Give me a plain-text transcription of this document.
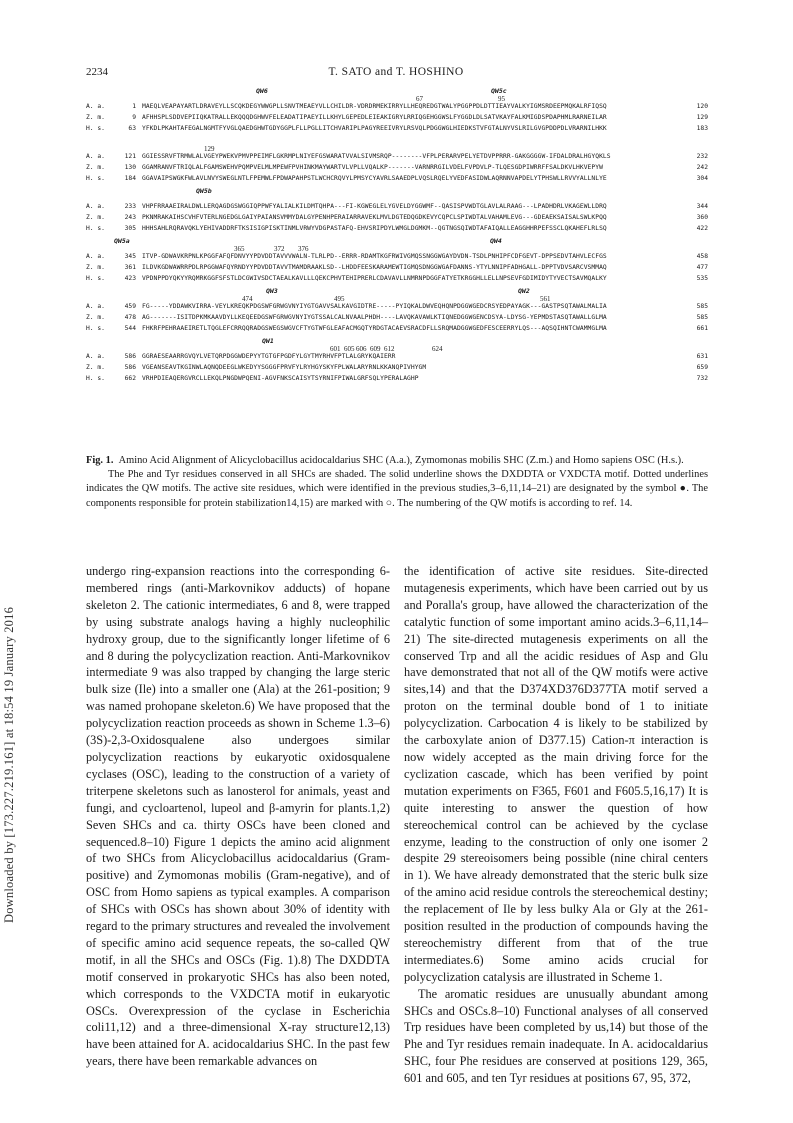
Downloaded by [173.227.219.161] at 18:54 19 January 2016
2234	T. SATO and T. HOSHINO
QW6	QW5c
67	95
A. a.	1 MAEQLVEAPAYARTLDRAVEYLLSCQKDEGYWWGPLLSNVTMEAEYVLLCHILDR-VDRDRMEKIRRYLLHEQREDGTWALYPGGPPDLDTTIEAYVALKYIGMSRDEEPMQKALRFIQSQ	120
Z. m.	9 AFHHSPLSDDVEPIIQKATRALLEKQQQDGHWVFELEADATIPAEYILLKHYLGEPEDLEIEAKIGRYLRRIQGEHGGWSLFYGGDLDLSATVKAYFALKMIGDSPDAPHMLRARNEILAR	129
H. s.	63 YFKDLPKAHTAFEGALNGMTFYVGLQAEDGHWTGDYGGPLFLLPGLLITCHVARIPLPAGYREEIVRYLRSVQLPDGGWGLHIEDKSTVFGTALNYVSLRILGVGPDDPDLVRARNILHKK	183
129
A. a.	121 GGIESSRVFTRMWLALVGEYPWEKVPMVPPEIMFLGKRMPLNIYEFGSWARATVVALSIVMSRQP--------VFPLPERARVPELYETDVPPRRR-GAKGGGGW-IFDALDRALHGYQKLS	232
Z. m.	130 GGAMRANVFTRIQLALFGAMSWEHVPQMPVELMLMPEWFPVHINKMAYWARTVLVPLLVQALKP-------VARNRRGILVDELFVPDVLP-TLQESGDPIWRRFFSALDKVLHKVEPYW	242
H. s.	184 GGAVAIPSWGKFWLAVLNVYSWEGLNTLFPEMWLFPDWAPAHPSTLWCHCRQVYLPMSYCYAVRLSAAEDPLVQSLRQELYVEDFASIDWLAQRNNVAPDELYTPHSWLLRVVYALLNLYE	304
QW5b
A. a.	233 VHPFRRAAEIRALDWLLERQAGDGSWGGIQPPWFYALIALKILDMTQHPA---FI-KGWEGLELYGVELDYGGWMF--QASISPVWDTGLAVLALRAAG---LPADHDRLVKAGEWLLDRQ	344
Z. m.	243 PKNMRAKAIHSCVHFVTERLNGEDGLGAIYPAIANSVMMYDALGYPENHPERAIARRAVEKLMVLDGTEDQGDKEVYCQPCLSPIWDTALVAHAMLEVG---GDEAEKSAISALSWLKPQQ	360
H. s.	305 HHHSAHLRQRAVQKLYEHIVADDRFTKSISIGPISKTINMLVRWYVDGPASTAFQ-EHVSRIPDYLWMGLDGMKM--QGTNGSQIWDTAFAIQALLEAGGHHRPEFSSCLQKAHEFLRLSQ	422
QW5a	QW4
365	372 376
A. a.	345 ITVP-GDWAVKRPNLKPGGFAFQFDNVYYPDVDDTAVVVWALN-TLRLPD--ERRR-RDAMTKGFRWIVGMQSSNGGWGAYDVDN-TSDLPNHIPFCDFGEVT-DPPSEDVTAHVLECFGS	458
Z. m.	361 ILDVKGDWAWRRPDLRPGGWAFQYRNDYYPDVDDTAVVTMAMDRAAKLSD--LHDDFEESKARAMEWTIGMQSDNGGWGAFDANNS-YTYLNNIPFADHGALL-DPPTVDVSARCVSMMAQ	477
H. s.	423 VPDNPPDYQKYYRQMRKGGFSFSTLDCGWIVSDCTAEALKAVLLLQEKCPHVTEHIPRERLCDAVAVLLNMRNPDGGFATYETKRGGHLLELLNPSEVFGDIMIDYTYVECTSAVMQALKY	535
QW3	QW2
474	495	561
A. a.	459 FG-----YDDAWKVIRRA-VEYLKREQKPDGSWFGRWGVNYIYGTGAVVSALKAVGIDTRE-----PYIQKALDWVEQHQNPDGGWGEDCRSYEDPAYAGK---GASTPSQTAWALMALIA	585
Z. m.	478 AG-------ISITDPKMKAAVDYLLKEQEEDGSWFGRWGVNYIYGTSSALCALNVAALPHDH----LAVQKAVAWLKTIQNEDGGWGENCDSYA-LDYSG-YEPMDSTASQTAWALLGLMA	585
H. s.	544 FHKRFPEHRAAEIRETLTQGLEFCRRQQRADGSWEGSWGVCFTYGTWFGLEAFACMGQTYRDGTACAEVSRACDFLLSRQMADGGWGEDFESCEERRYLQS---AQSQIHNTCWAMMGLMA	661
QW1
601 605 606 609 612	624
A. a.	586 GGRAESEAARRGVQYLVETQRPDGGWDEPYYTGTGFPGDFYLGYTMYRHVFPTLALGRYKQAIERR	631
Z. m.	586 VGEANSEAVTKGINWLAQNQDEEGLWKEDYYSGGGFPRVFYLRYHGYSKYFPLWALARYRNLKKANQPIVHYGM	659
H. s.	662 VRHPDIEAQERGVRCLLEKQLPNGDWPQENI-AGVFNKSCAISYTSYRNIFPIWALGRFSQLYPERALAGHP	732

Fig. 1. Amino Acid Alignment of Alicyclobacillus acidocaldarius SHC (A.a.), Zymomonas mobilis SHC (Z.m.) and Homo sapiens OSC (H.s.).

The Phe and Tyr residues conserved in all SHCs are shaded. The solid underline shows the DXDDTA or VXDCTA motif. Dotted underlines indicates the QW motifs. The active site residues, which were identified in the previous studies,3–6,11,14–21) are designated by the symbol ●. The components responsible for protein stabilization14,15) are marked with ○. The numbering of the QW motifs is according to ref. 14.

undergo ring-expansion reactions into the corresponding 6-membered rings (anti-Markovnikov adducts) of hopane skeleton 2. The cationic intermediates, 6 and 8, were trapped by using substrate analogs having a highly nucleophilic hydroxy group, due to the significantly longer lifetime of 6 and 8 during the polycyclization reaction. Anti-Markovnikov intermediate 9 was also trapped by changing the large steric bulk size (Ile) into a smaller one (Ala) at the 261-position; 9 was named prohopane skeleton.6) We have proposed that the polycyclization reaction proceeds as shown in Scheme 1.3–6) (3S)-2,3-Oxidosqualene also undergoes similar polycyclization reactions by eukaryotic oxidosqualene cyclases (OSC), leading to the construction of a variety of triterpene skeletons such as lanosterol for animals, yeast and fungi, and cycloartenol, lupeol and β-amyrin for plants.1,2) Seven SHCs and ca. thirty OSCs have been cloned and sequenced.8–10) Figure 1 depicts the amino acid alignment of two SHCs from Alicyclobacillus acidocaldarius (Gram-positive) and Zymomonas mobilis (Gram-negative), and of OSC from Homo sapiens as typical examples. A comparison of SHCs with OSCs has shown about 30% of identity with regard to the primary structures and revealed the involvement of specific amino acid sequence repeats, the so-called QW motif, in all the SHCs and OSCs (Fig. 1).8) The DXDDTA motif conserved in prokaryotic SHCs has also been noted, which corresponds to the VXDCTA motif in eukaryotic OSCs. Overexpression of the cyclase in Escherichia coli11,12) and a three-dimensional X-ray structure12,13) have been attained for A. acidocaldarius SHC. In the past few years, there have been remarkable advances on

the identification of active site residues. Site-directed mutagenesis experiments, which have been carried out by us and Poralla's group, have allowed the characterization of the catalytic function of some important amino acids.3–6,11,14–21) The site-directed mutagenesis experiments on all the conserved Trp and all the acidic residues of Asp and Glu have demonstrated that not all of the QW motifs were active sites,14) and that the D374XD376D377TA motif served a proton on the terminal double bond of 1 to initiate polycyclization. Carbocation 4 is likely to be stabilized by the carboxylate anion of D377.15) Cation-π interaction is now widely accepted as the main driving force for the cyclization cascade, which has been verified by point mutation experiments on F365, F601 and F605.5,16,17) It is quite interesting to answer the question of how stereochemical control can be achieved by the cyclase enzyme, leading to the construction of only one isomer 2 despite 29 stereoisomers being possible (nine chiral centers in 1). We have already demonstrated that the steric bulk size of the amino acid residue controls the stereochemical destiny; the replacement of Ile by less bulky Ala or Gly at the 261-position resulted in the production of compounds having the stereochemistry different from that of the true intermediates.6) Some amino acids crucial for polycyclization catalysis are illustrated in Scheme 1.

The aromatic residues are unusually abundant among SHCs and OSCs.8–10) Functional analyses of all conserved Trp residues have been completed by us,14) but those of the Phe and Tyr residues remain inadequate. In A. acidocaldarius SHC, four Phe residues are conserved at positions 129, 365, 601 and 605, and ten Tyr residues at positions 67, 95, 372,
